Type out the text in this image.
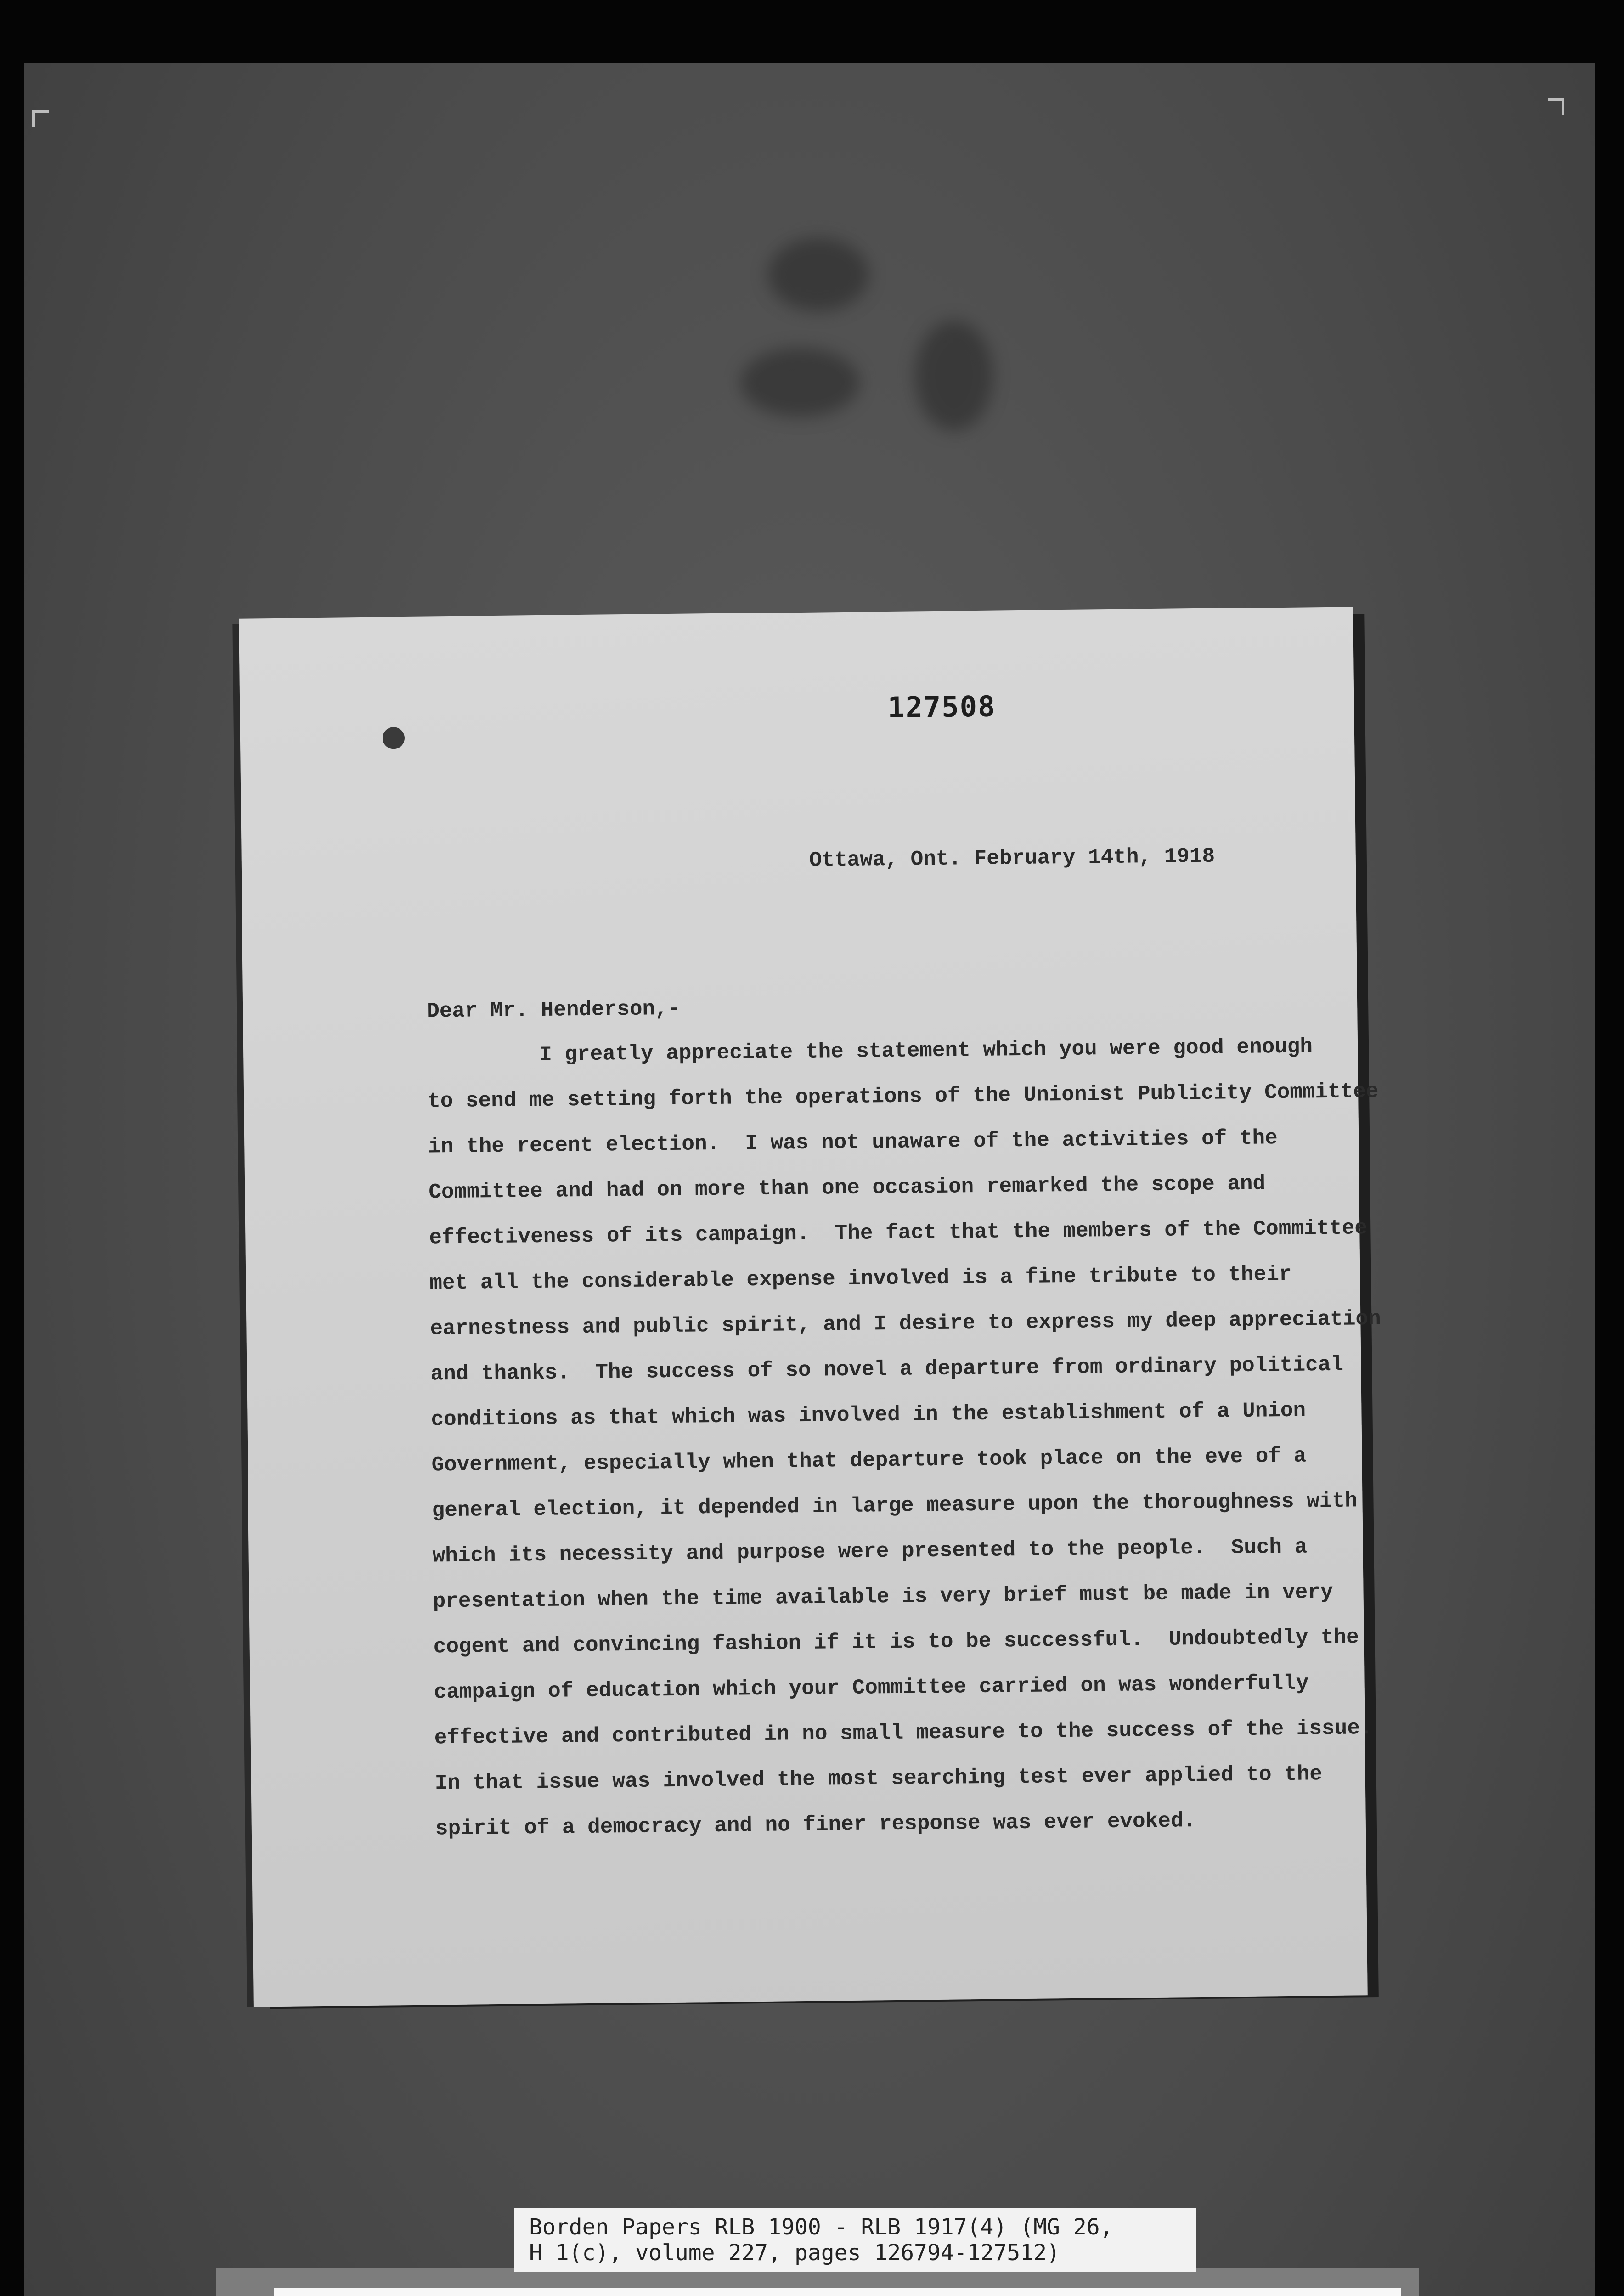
127508
Ottawa, Ont. February 14th, 1918
Dear Mr. Henderson,-
I greatly appreciate the statement which you were good enough
to send me setting forth the operations of the Unionist Publicity Committee
in the recent election.  I was not unaware of the activities of the
Committee and had on more than one occasion remarked the scope and
effectiveness of its campaign.  The fact that the members of the Committee
met all the considerable expense involved is a fine tribute to their
earnestness and public spirit, and I desire to express my deep appreciation
and thanks.  The success of so novel a departure from ordinary political
conditions as that which was involved in the establishment of a Union
Government, especially when that departure took place on the eve of a
general election, it depended in large measure upon the thoroughness with
which its necessity and purpose were presented to the people.  Such a
presentation when the time available is very brief must be made in very
cogent and convincing fashion if it is to be successful.  Undoubtedly the
campaign of education which your Committee carried on was wonderfully
effective and contributed in no small measure to the success of the issue.
In that issue was involved the most searching test ever applied to the
spirit of a democracy and no finer response was ever evoked.
Borden Papers RLB 1900 - RLB 1917(4) (MG 26,
H 1(c), volume 227, pages 126794-127512)
